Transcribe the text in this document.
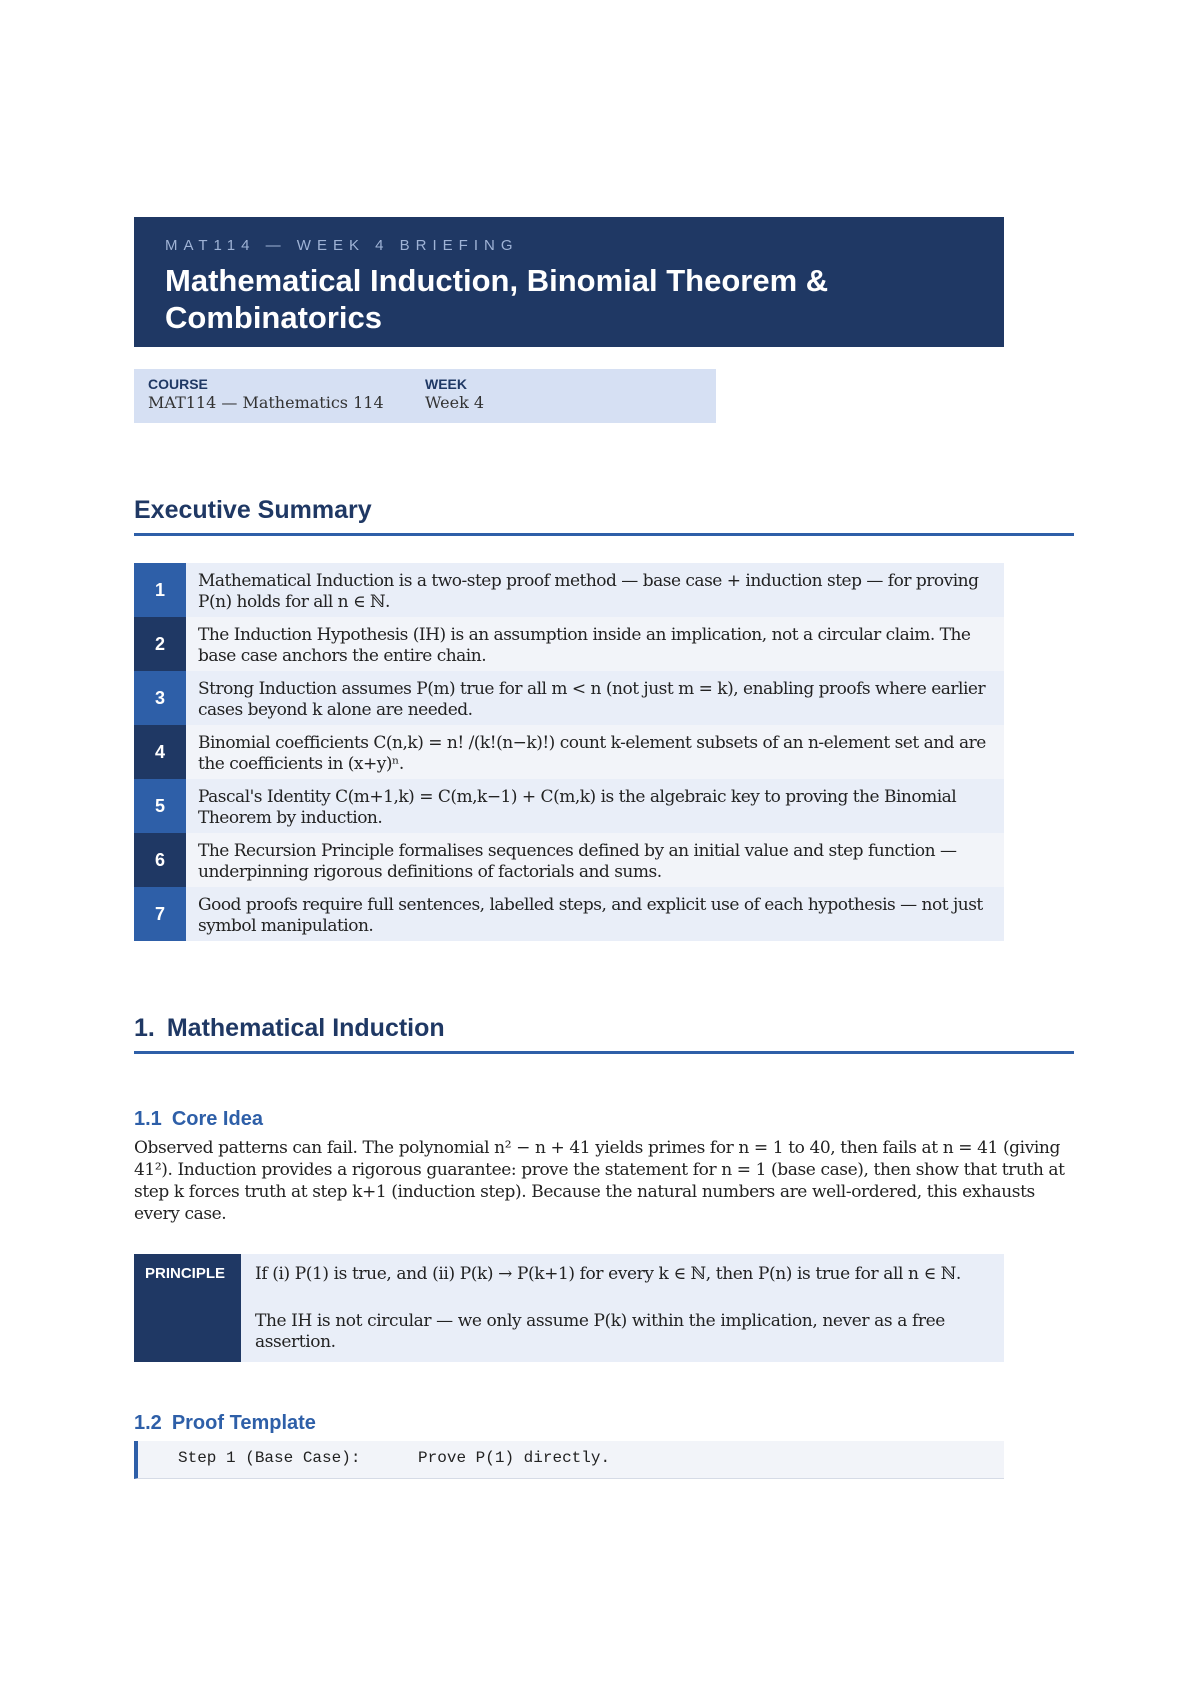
MAT114 — WEEK 4 BRIEFING
Mathematical Induction, Binomial Theorem &
Combinatorics
COURSE
MAT114 — Mathematics 114
WEEK
Week 4
Executive Summary
1	Mathematical Induction is a two-step proof method — base case + induction step — for proving P(n) holds for all n ∈ ℕ.
2	The Induction Hypothesis (IH) is an assumption inside an implication, not a circular claim. The base case anchors the entire chain.
3	Strong Induction assumes P(m) true for all m < n (not just m = k), enabling proofs where earlier cases beyond k alone are needed.
4	Binomial coefficients C(n,k) = n! /(k!(n−k)!) count k-element subsets of an n-element set and are the coefficients in (x+y)ⁿ.
5	Pascal's Identity C(m+1,k) = C(m,k−1) + C(m,k) is the algebraic key to proving the Binomial Theorem by induction.
6	The Recursion Principle formalises sequences defined by an initial value and step function — underpinning rigorous definitions of factorials and sums.
7	Good proofs require full sentences, labelled steps, and explicit use of each hypothesis — not just symbol manipulation.
1. Mathematical Induction
1.1 Core Idea
Observed patterns can fail. The polynomial n² − n + 41 yields primes for n = 1 to 40, then fails at n = 41 (giving 41²). Induction provides a rigorous guarantee: prove the statement for n = 1 (base case), then show that truth at step k forces truth at step k+1 (induction step). Because the natural numbers are well-ordered, this exhausts every case.
PRINCIPLE	If (i) P(1) is true, and (ii) P(k) → P(k+1) for every k ∈ ℕ, then P(n) is true for all n ∈ ℕ.

The IH is not circular — we only assume P(k) within the implication, never as a free assertion.

1.2 Proof Template
Step 1 (Base Case):      Prove P(1) directly.
